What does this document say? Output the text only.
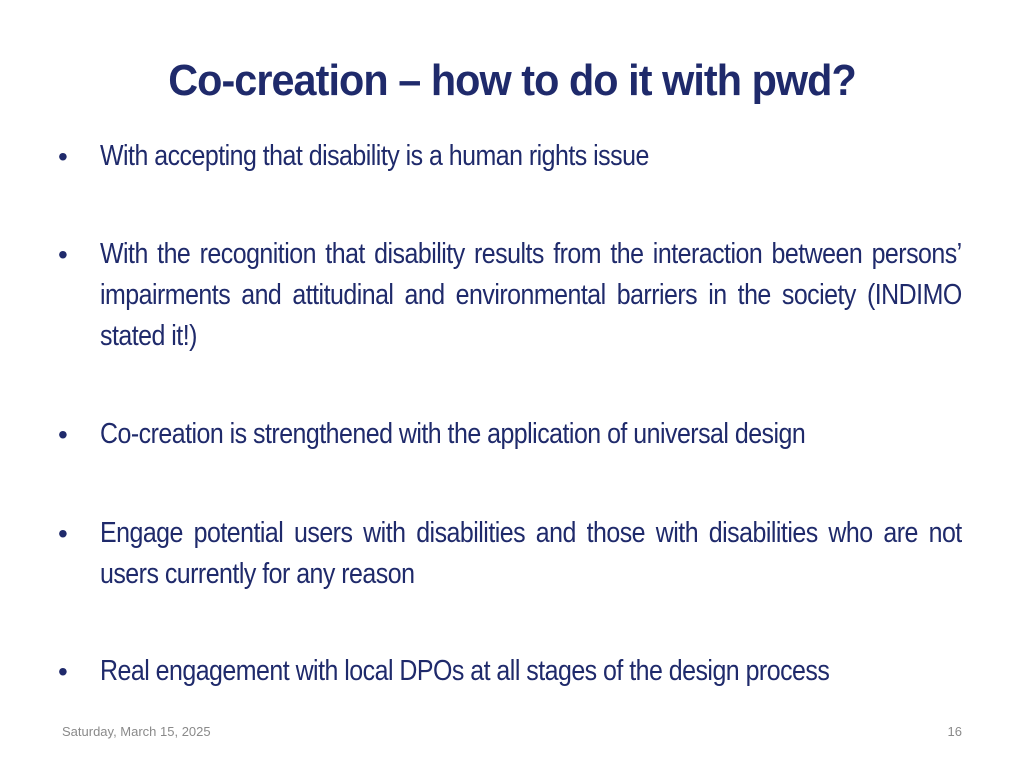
Co-creation – how to do it with pwd?
• With accepting that disability is a human rights issue
• With the recognition that disability results from the interaction between persons’ impairments and attitudinal and environmental barriers in the society (INDIMO stated it!)
• Co-creation is strengthened with the application of universal design
• Engage potential users with disabilities and those with disabilities who are not users currently for any reason
• Real engagement with local DPOs at all stages of the design process
Saturday, March 15, 2025	16
